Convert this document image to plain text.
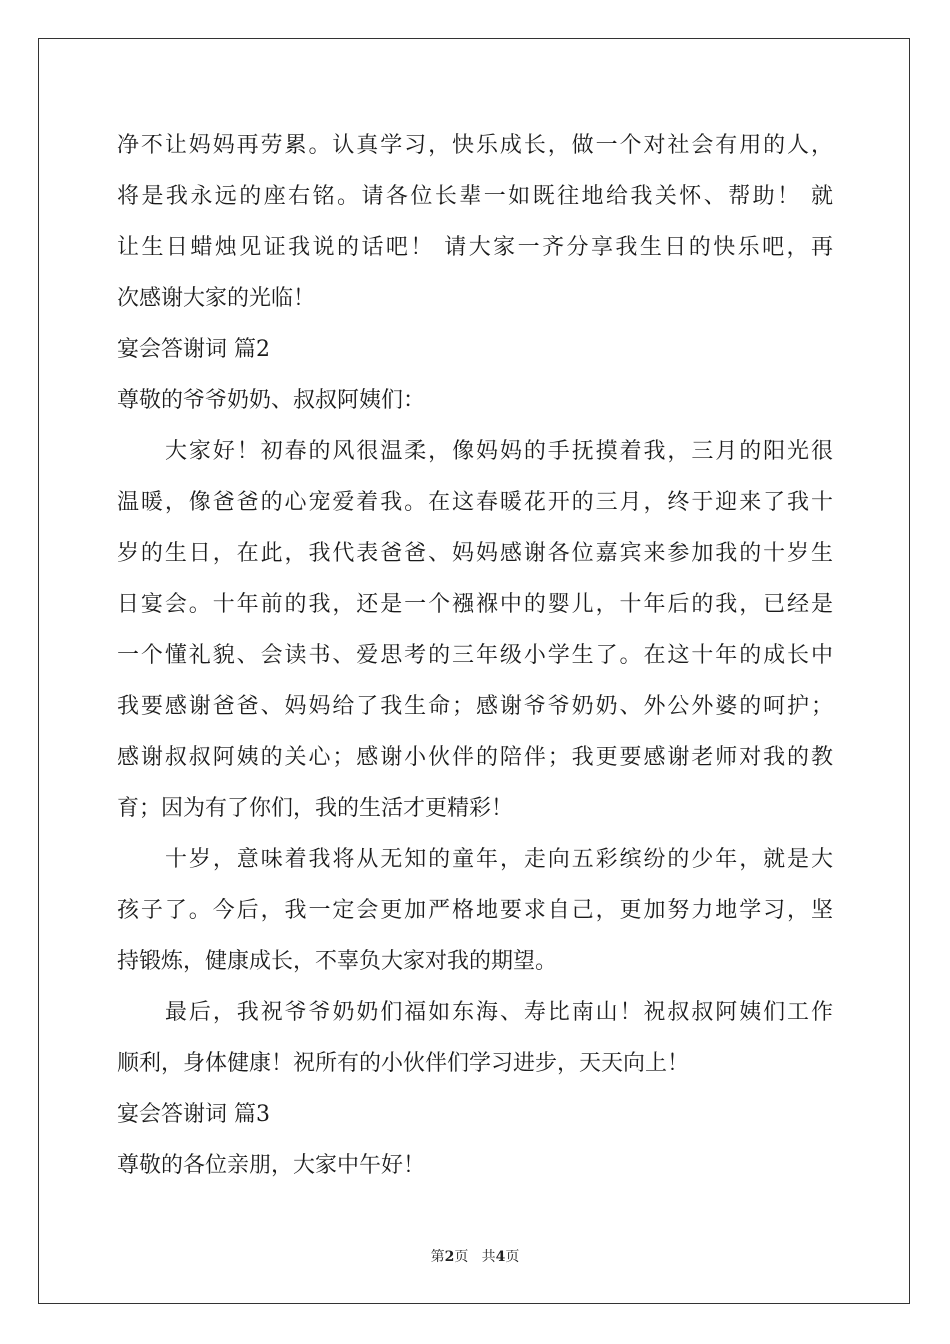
净不让妈妈再劳累。认真学习，快乐成长，做一个对社会有用的人，
将是我永远的座右铭。请各位长辈一如既往地给我关怀、帮助！ 就
让生日蜡烛见证我说的话吧！ 请大家一齐分享我生日的快乐吧，再
次感谢大家的光临！
宴会答谢词 篇2
尊敬的爷爷奶奶、叔叔阿姨们：
大家好！初春的风很温柔，像妈妈的手抚摸着我，三月的阳光很
温暖，像爸爸的心宠爱着我。在这春暖花开的三月，终于迎来了我十
岁的生日，在此，我代表爸爸、妈妈感谢各位嘉宾来参加我的十岁生
日宴会。十年前的我，还是一个襁褓中的婴儿，十年后的我，已经是
一个懂礼貌、会读书、爱思考的三年级小学生了。在这十年的成长中
我要感谢爸爸、妈妈给了我生命；感谢爷爷奶奶、外公外婆的呵护；
感谢叔叔阿姨的关心；感谢小伙伴的陪伴；我更要感谢老师对我的教
育；因为有了你们，我的生活才更精彩！
十岁，意味着我将从无知的童年，走向五彩缤纷的少年，就是大
孩子了。今后，我一定会更加严格地要求自己，更加努力地学习，坚
持锻炼，健康成长，不辜负大家对我的期望。
最后，我祝爷爷奶奶们福如东海、寿比南山！祝叔叔阿姨们工作
顺利，身体健康！祝所有的小伙伴们学习进步，天天向上！
宴会答谢词 篇3
尊敬的各位亲朋，大家中午好！
第2页 共4页
